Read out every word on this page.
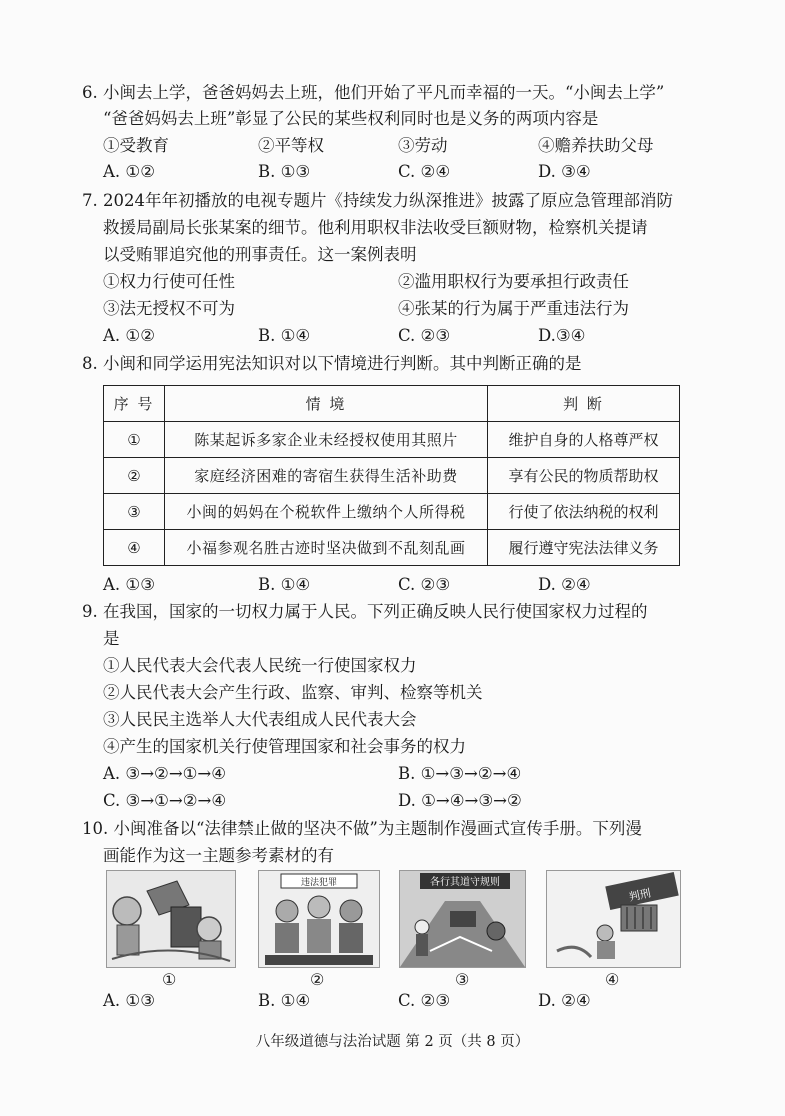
6. 小闽去上学，爸爸妈妈去上班，他们开始了平凡而幸福的一天。“小闽去上学”
“爸爸妈妈去上班”彰显了公民的某些权利同时也是义务的两项内容是
①受教育	②平等权	③劳动	④赡养扶助父母
A. ①②	B. ①③	C. ②④	D. ③④
7. 2024年年初播放的电视专题片《持续发力纵深推进》披露了原应急管理部消防
救援局副局长张某案的细节。他利用职权非法收受巨额财物，检察机关提请
以受贿罪追究他的刑事责任。这一案例表明
①权力行使可任性	②滥用职权行为要承担行政责任
③法无授权不可为	④张某的行为属于严重违法行为
A. ①②	B. ①④	C. ②③	D.③④
8. 小闽和同学运用宪法知识对以下情境进行判断。其中判断正确的是
序 号	情 境	判 断
①	陈某起诉多家企业未经授权使用其照片	维护自身的人格尊严权
②	家庭经济困难的寄宿生获得生活补助费	享有公民的物质帮助权
③	小闽的妈妈在个税软件上缴纳个人所得税	行使了依法纳税的权利
④	小福参观名胜古迹时坚决做到不乱刻乱画	履行遵守宪法法律义务
A. ①③	B. ①④	C. ②③	D. ②④
9. 在我国，国家的一切权力属于人民。下列正确反映人民行使国家权力过程的
是
①人民代表大会代表人民统一行使国家权力
②人民代表大会产生行政、监察、审判、检察等机关
③人民民主选举人大代表组成人民代表大会
④产生的国家机关行使管理国家和社会事务的权力
A. ③→②→①→④	B. ①→③→②→④
C. ③→①→②→④	D. ①→④→③→②
10. 小闽准备以“法律禁止做的坚决不做”为主题制作漫画式宣传手册。下列漫
画能作为这一主题参考素材的有
违法犯罪	各行其道守规则
判刑
①	②	③	④
A. ①③	B. ①④	C. ②③	D. ②④
八年级道德与法治试题 第 2 页（共 8 页）
